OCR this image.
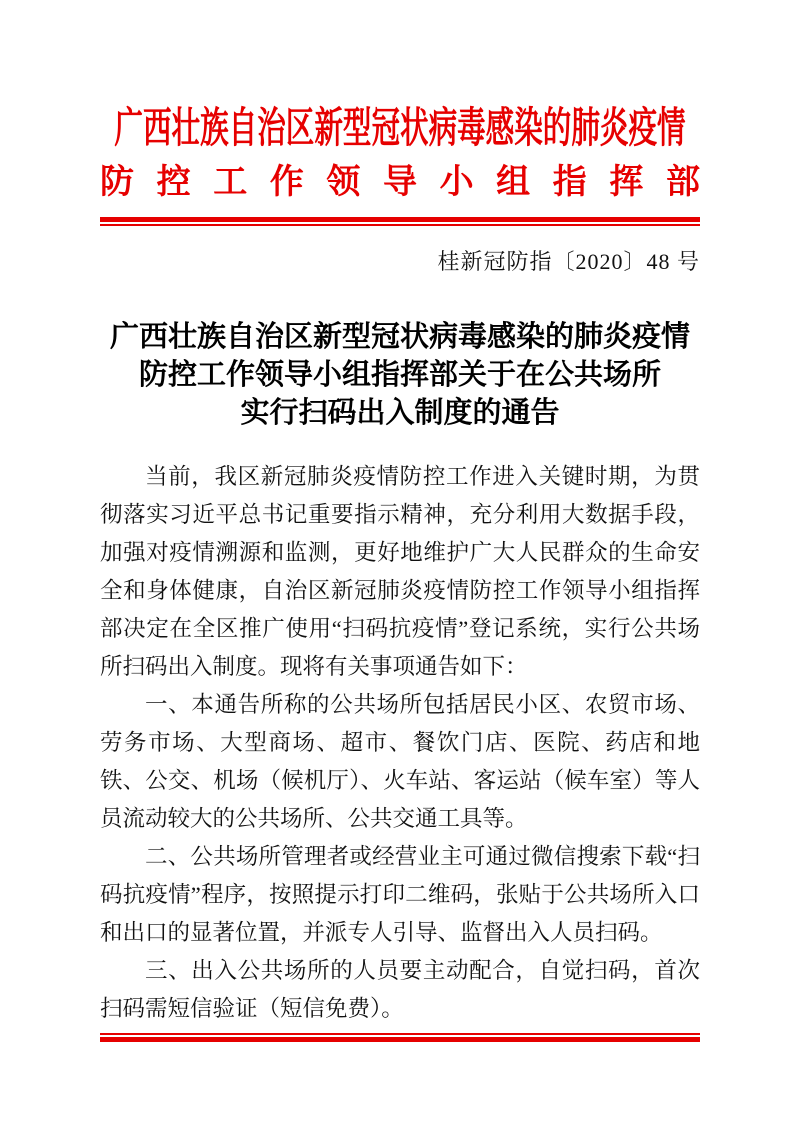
广西壮族自治区新型冠状病毒感染的肺炎疫情
防 控 工 作 领 导 小 组 指 挥 部
桂新冠防指〔2020〕48 号
广西壮族自治区新型冠状病毒感染的肺炎疫情
防控工作领导小组指挥部关于在公共场所
实行扫码出入制度的通告

当前，我区新冠肺炎疫情防控工作进入关键时期，为贯彻落实习近平总书记重要指示精神，充分利用大数据手段，加强对疫情溯源和监测，更好地维护广大人民群众的生命安全和身体健康，自治区新冠肺炎疫情防控工作领导小组指挥部决定在全区推广使用“扫码抗疫情”登记系统，实行公共场所扫码出入制度。现将有关事项通告如下：

一、本通告所称的公共场所包括居民小区、农贸市场、劳务市场、大型商场、超市、餐饮门店、医院、药店和地铁、公交、机场（候机厅）、火车站、客运站（候车室）等人员流动较大的公共场所、公共交通工具等。

二、公共场所管理者或经营业主可通过微信搜索下载“扫码抗疫情”程序，按照提示打印二维码，张贴于公共场所入口和出口的显著位置，并派专人引导、监督出入人员扫码。

三、出入公共场所的人员要主动配合，自觉扫码，首次扫码需短信验证（短信免费）。
